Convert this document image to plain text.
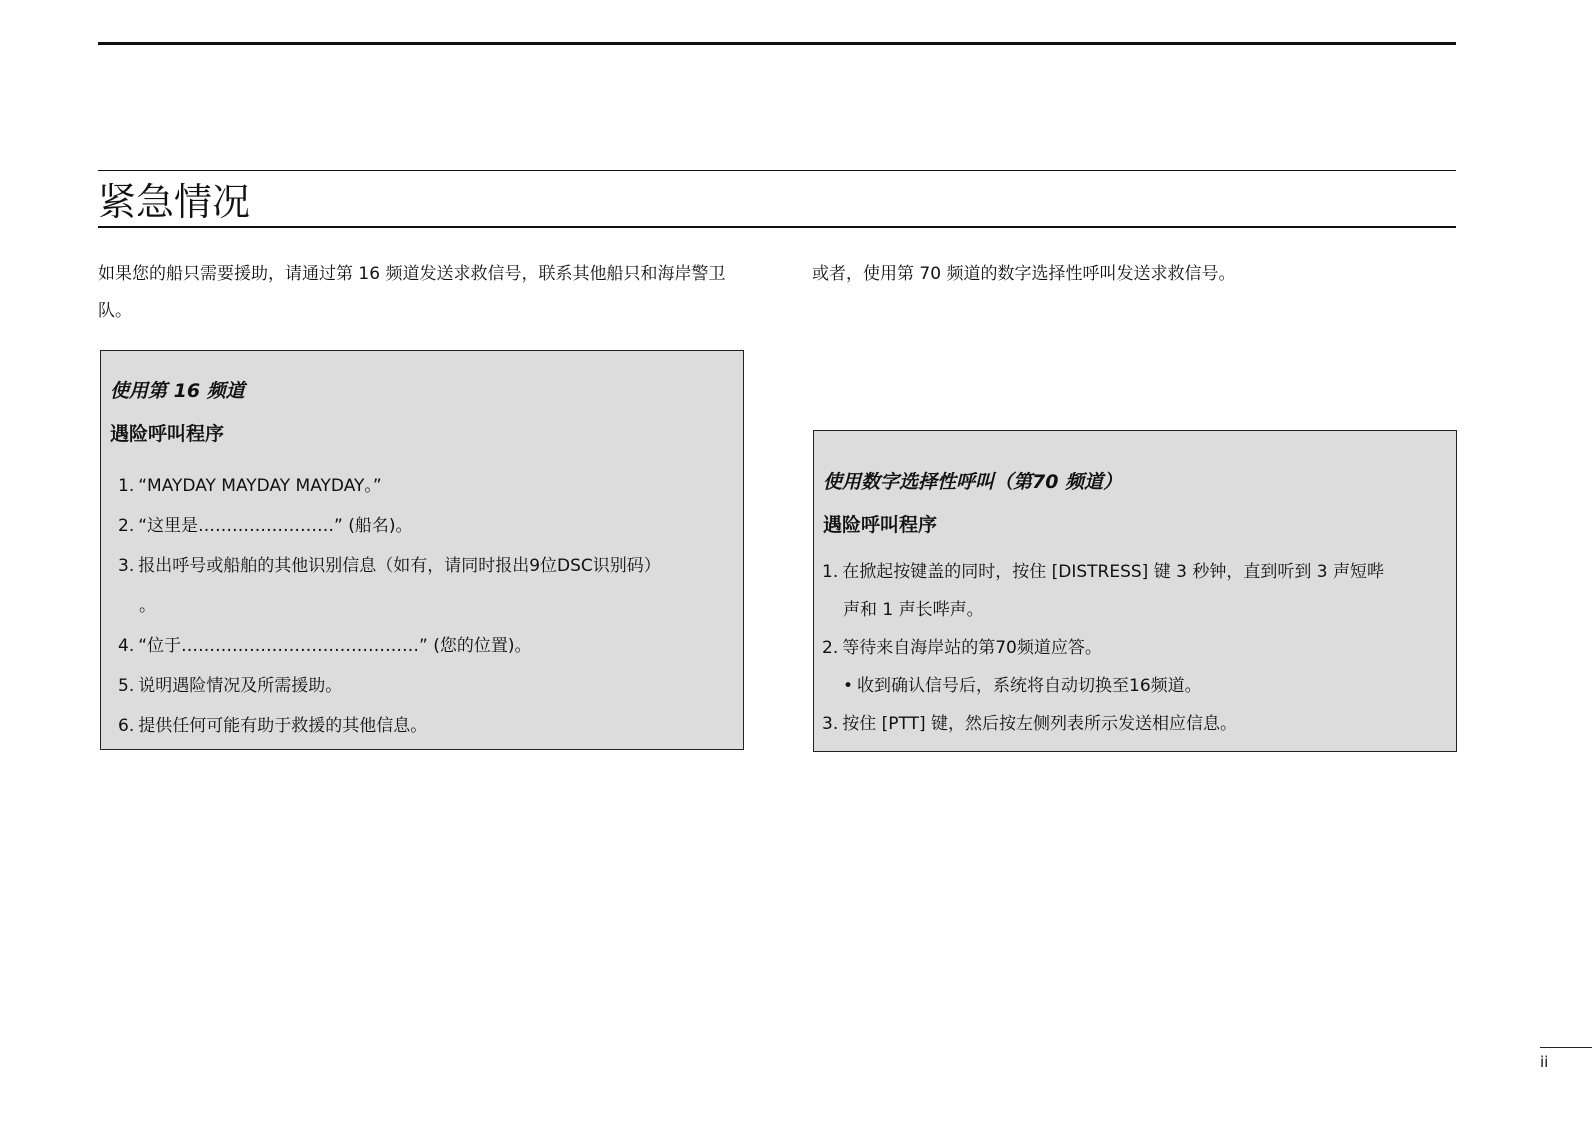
紧急情况

如果您的船只需要援助，请通过第 16 频道发送求救信号，联系其他船只和海岸警卫队。

或者，使用第 70 频道的数字选择性呼叫发送求救信号。

使用第 16 频道

遇险呼叫程序

1. “MAYDAY MAYDAY MAYDAY。”
2. “这里是……………………” (船名)。
3. 报出呼号或船舶的其他识别信息（如有，请同时报出9位DSC识别码）
。
4. “位于……………………………………” (您的位置)。
5. 说明遇险情况及所需援助。
6. 提供任何可能有助于救援的其他信息。

使用数字选择性呼叫（第70 频道）

遇险呼叫程序

1. 在掀起按键盖的同时，按住 [DISTRESS] 键 3 秒钟，直到听到 3 声短哔
声和 1 声长哔声。
2. 等待来自海岸站的第70频道应答。
• 收到确认信号后，系统将自动切换至16频道。
3. 按住 [PTT] 键，然后按左侧列表所示发送相应信息。
ii
